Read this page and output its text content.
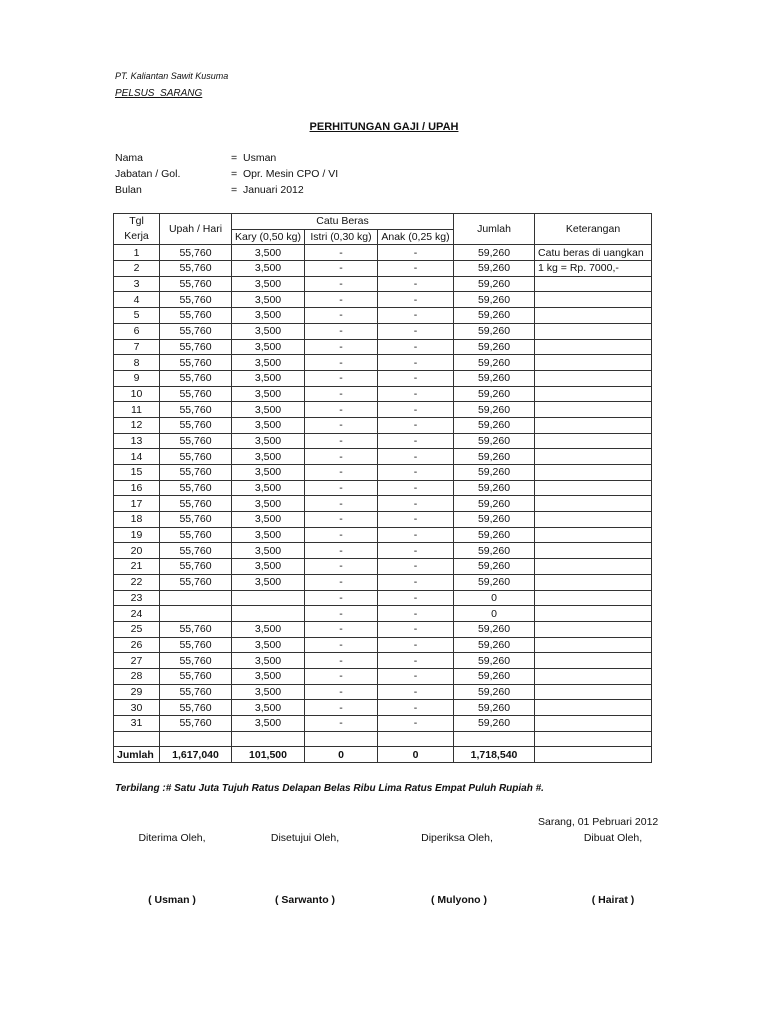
PT. Kaliantan Sawit Kusuma
PELSUS_SARANG
PERHITUNGAN GAJI / UPAH
Nama	= Usman
Jabatan / Gol.	= Opr. Mesin CPO / VI
Bulan	= Januari 2012
Tgl Kerja	Upah / Hari	Catu Beras			Jumlah	Keterangan
		Kary (0,50 kg)	Istri (0,30 kg)	Anak (0,25 kg)		
1	55,760	3,500	-	-	59,260	Catu beras di uangkan
2	55,760	3,500	-	-	59,260	1 kg = Rp. 7000,-
3	55,760	3,500	-	-	59,260	
4	55,760	3,500	-	-	59,260	
5	55,760	3,500	-	-	59,260	
6	55,760	3,500	-	-	59,260	
7	55,760	3,500	-	-	59,260	
8	55,760	3,500	-	-	59,260	
9	55,760	3,500	-	-	59,260	
10	55,760	3,500	-	-	59,260	
11	55,760	3,500	-	-	59,260	
12	55,760	3,500	-	-	59,260	
13	55,760	3,500	-	-	59,260	
14	55,760	3,500	-	-	59,260	
15	55,760	3,500	-	-	59,260	
16	55,760	3,500	-	-	59,260	
17	55,760	3,500	-	-	59,260	
18	55,760	3,500	-	-	59,260	
19	55,760	3,500	-	-	59,260	
20	55,760	3,500	-	-	59,260	
21	55,760	3,500	-	-	59,260	
22	55,760	3,500	-	-	59,260	
23			-	-	0	
24			-	-	0	
25	55,760	3,500	-	-	59,260	
26	55,760	3,500	-	-	59,260	
27	55,760	3,500	-	-	59,260	
28	55,760	3,500	-	-	59,260	
29	55,760	3,500	-	-	59,260	
30	55,760	3,500	-	-	59,260	
31	55,760	3,500	-	-	59,260	

Jumlah	1,617,040	101,500	0	0	1,718,540	
Terbilang :# Satu Juta Tujuh Ratus Delapan Belas Ribu Lima Ratus Empat Puluh Rupiah #.
Sarang, 01 Pebruari 2012
Diterima Oleh,	Disetujui Oleh,	Diperiksa Oleh,	Dibuat Oleh,
( Usman )	( Sarwanto )	( Mulyono )	( Hairat )
